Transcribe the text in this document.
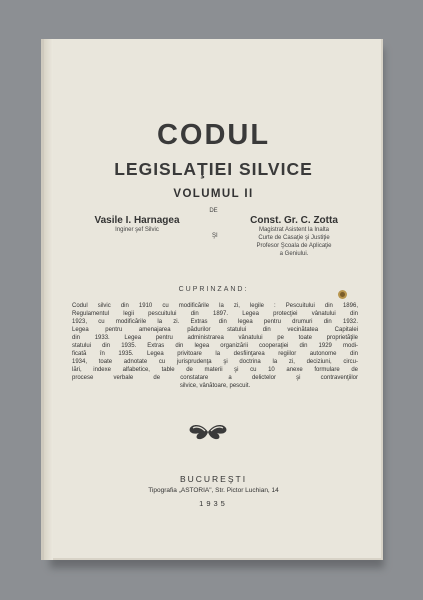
CODUL
LEGISLAŢIEI SILVICE
VOLUMUL II
DE
Vasile I. Harnagea
Inginer şef Silvic
ŞI
Const. Gr. C. Zotta
Magistrat Asistent la Inalta
Curte de Casaţie şi Justiţie
Profesor Şcoala de Aplicaţie
a Geniului.
CUPRINZAND:
Codul silvic din 1910 cu modificările la zi, legile : Pescuitului din 1896,
Regulamentul legii pescuitului din 1897. Legea protecţiei vânatului din
1923, cu modificările la zi. Extras din legea pentru drumuri din 1932.
Legea pentru amenajarea pădurilor statului din vecinătatea Capitalei
din 1933. Legea pentru administrarea vânatului pe toate proprietăţile
statului din 1935. Extras din legea organizării cooperaţiei din 1929 modi-
ficată în 1935. Legea privitoare la desfiinţarea regiilor autonome din
1934, toate adnotate cu jurisprudenţa şi doctrina la zi, deciziuni, circu-
lări, indexe alfabetice, table de materii şi cu 10 anexe formulare de
procese verbale de constatare a delictelor şi contravenţiilor
silvice, vânătoare, pescuit.
BUCUREŞTI
Tipografia „ASTORIA", Str. Pictor Luchian, 14
1935
